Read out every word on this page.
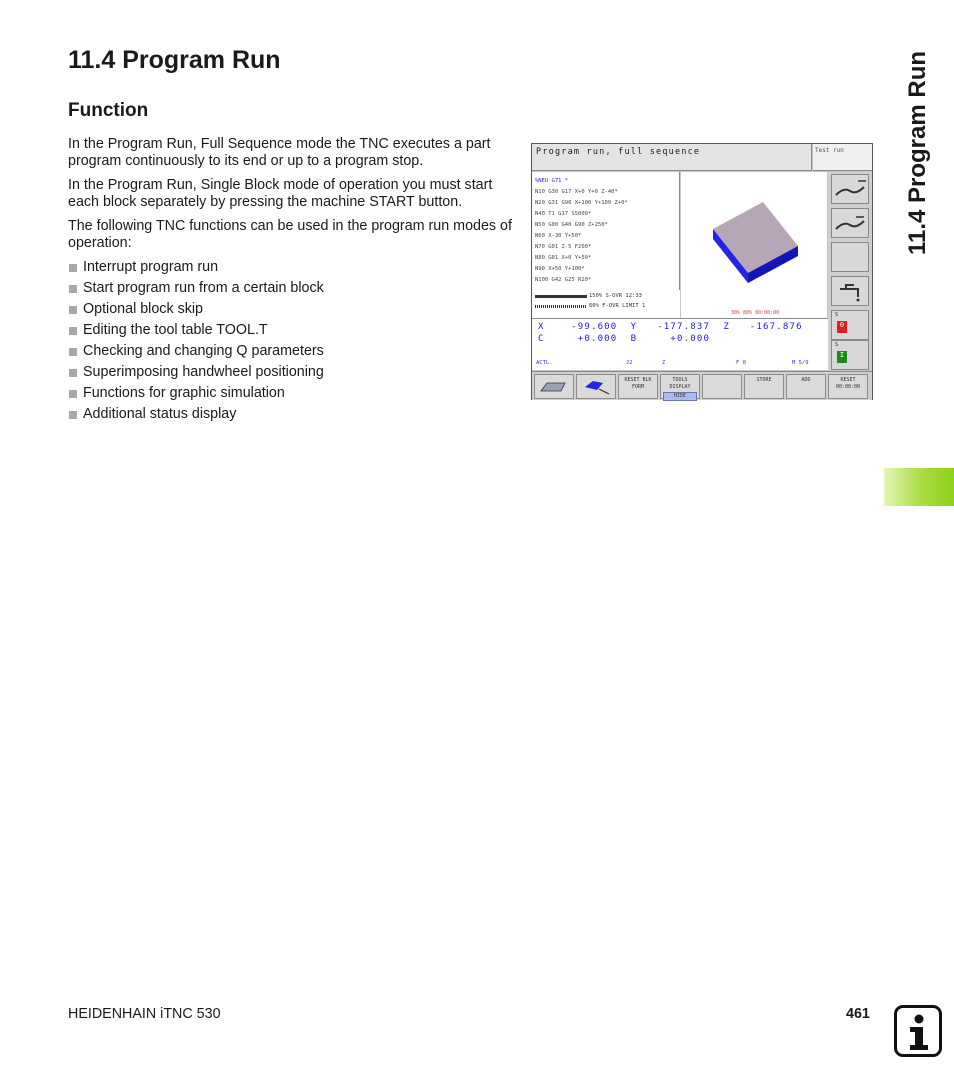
11.4 Program Run
Function

In the Program Run, Full Sequence mode the TNC executes a part program continuously to its end or up to a program stop.

In the Program Run, Single Block mode of operation you must start each block separately by pressing the machine START button.

The following TNC functions can be used in the program run modes of operation:

Interrupt program run
Start program run from a certain block
Optional block skip
Editing the tool table TOOL.T
Checking and changing Q parameters
Superimposing handwheel positioning
Functions for graphic simulation
Additional status display
11.4 Program Run
Program run, full sequence	Test run
%NEU G71 *
N10 G30 G17 X+0 Y+0 Z-40*
N20 G31 G90 X+100 Y+100 Z+0*
N40 T1 G17 S5000*
N50 G00 G40 G90 Z+250*
N60 X-30 Y+50*
N70 G01 Z-5 F200*
N80 G01 X+0 Y+50*
N90 X+50 Y+100*
N100 G42 G25 R20*
150% S-OVR 12:33
60% F-OVR LIMIT 1
30% 80% 00:00:00	S
0
S
I
X    -99.600  Y   -177.837  Z   -167.876
C     +0.000  B     +0.000
ACTL.	22	Z	F 0	M 5/9
RESET BLK FORM
TOOLS DISPLAY
HIDE
STORE	ADD	RESET 00:00:00
HEIDENHAIN iTNC 530	461
